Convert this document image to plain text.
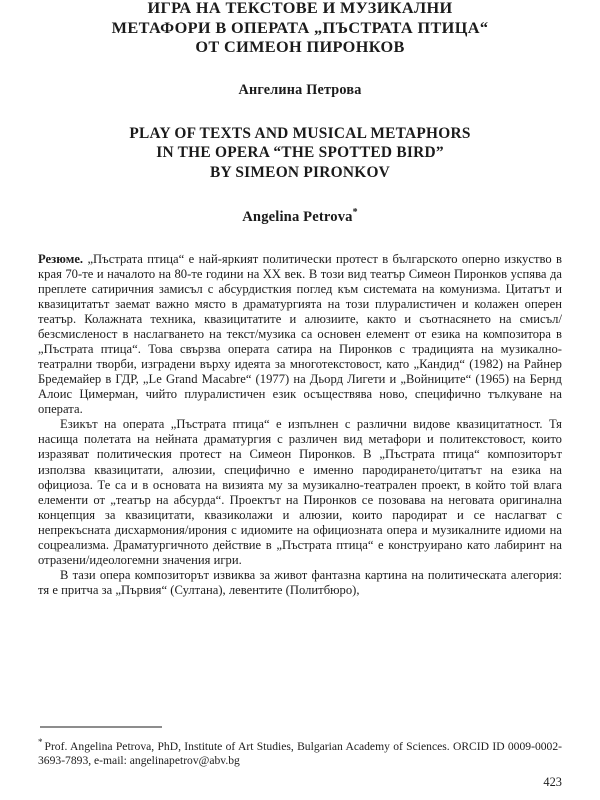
ИГРА НА ТЕКСТОВЕ И МУЗИКАЛНИ
МЕТАФОРИ В ОПЕРАТА „ПЪСТРАТА ПТИЦА“
ОТ СИМЕОН ПИРОНКОВ
Ангелина Петрова
PLAY OF TEXTS AND MUSICAL METAPHORS
IN THE OPERA “THE SPOTTED BIRD”
BY SIMEON PIRONKOV
Angelina Petrova*

Резюме. „Пъстрата птица“ е най-яркият политически протест в българското оперно изкуство в края 70-те и началото на 80-те години на ХХ век. В този вид театър Симеон Пиронков успява да преплете сатиричния замисъл с абсурдисткия поглед към системата на комунизма. Цитатът и квазицитатът заемат важно място в драматургията на този плуралистичен и колажен оперен театър. Колажната техника, квазицитатите и алюзиите, както и съотнасянето на смисъл/безсмисленост в наслагването на текст/музика са основен елемент от езика на композитора в „Пъстрата птица“. Това свързва операта сатира на Пиронков с традицията на музикално-театрални творби, изградени върху идеята за многотекстовост, като „Кандид“ (1982) на Райнер Бредемайер в ГДР, „Le Grand Macabre“ (1977) на Дьорд Лигети и „Войниците“ (1965) на Бернд Алоис Цимерман, чийто плуралистичен език осъществява ново, специфично тълкуване на операта.

Езикът на операта „Пъстрата птица“ е изпълнен с различни видове квазицитатност. Тя насища полетата на нейната драматургия с различен вид метафори и политекстовост, които изразяват политическия протест на Симеон Пиронков. В „Пъстрата птица“ композиторът използва квазицитати, алюзии, специфично е именно пародирането/цитатът на езика на официоза. Те са и в основата на визията му за музикално-театрален проект, в който той влага елементи от „театър на абсурда“. Проектът на Пиронков се позовава на неговата оригинална концепция за квазицитати, квазиколажи и алюзии, които пародират и се наслагват с непрекъсната дисхармония/ирония с идиомите на официозната опера и музикалните идиоми на соцреализма. Драматургичното действие в „Пъстрата птица“ е конструирано като лабиринт на отразени/идеологемни значения игри.

В тази опера композиторът извиква за живот фантазна картина на политическата алегория: тя е притча за „Първия“ (Султана), левентите (Политбюро),

* Prof. Angelina Petrova, PhD, Institute of Art Studies, Bulgarian Academy of Sciences. ORCID ID 0009-0002-3693-7893, e-mail: angelinapetrov@abv.bg

423
